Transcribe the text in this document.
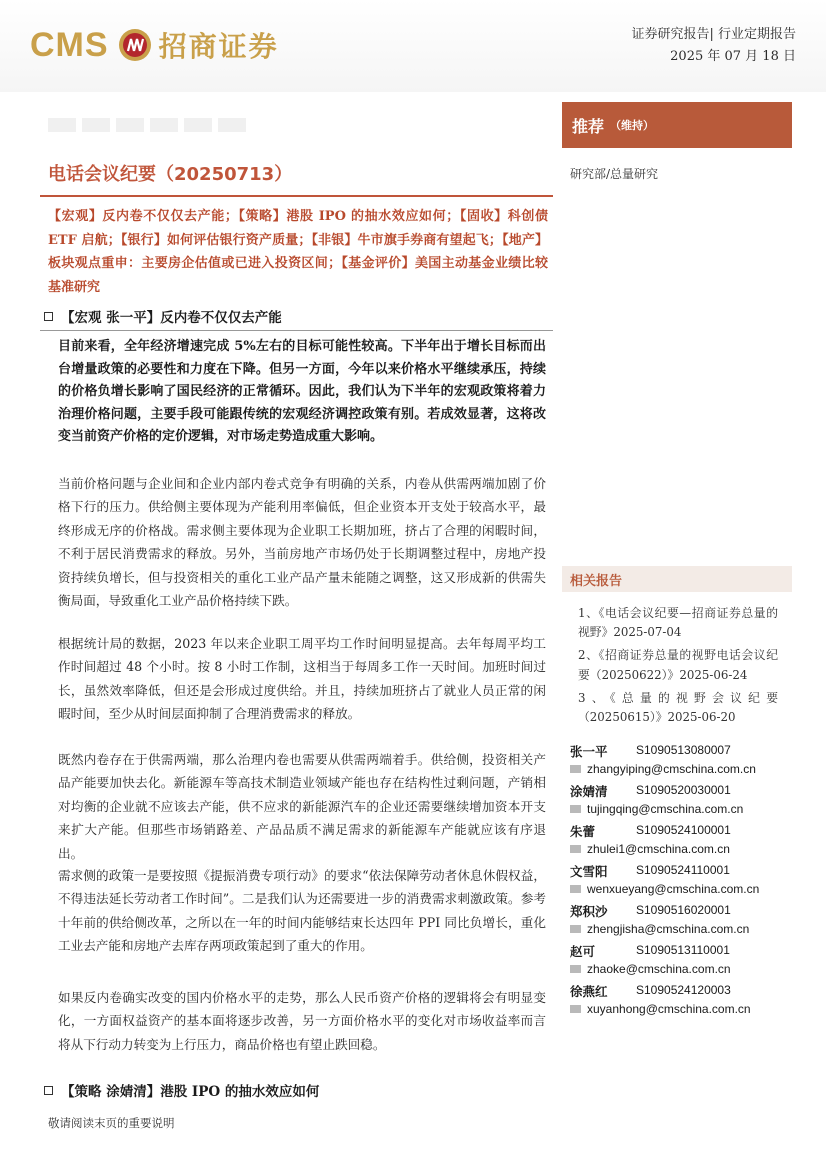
CMS 招商证券	证券研究报告| 行业定期报告
2025 年 07 月 18 日
电话会议纪要（20250713）
【宏观】反内卷不仅仅去产能；【策略】港股 IPO 的抽水效应如何；【固收】科创债 ETF 启航；【银行】如何评估银行资产质量；【非银】牛市旗手券商有望起飞；【地产】板块观点重申：主要房企估值或已进入投资区间；【基金评价】美国主动基金业绩比较基准研究
【宏观 张一平】反内卷不仅仅去产能
目前来看，全年经济增速完成 5%左右的目标可能性较高。下半年出于增长目标而出台增量政策的必要性和力度在下降。但另一方面，今年以来价格水平继续承压，持续的价格负增长影响了国民经济的正常循环。因此，我们认为下半年的宏观政策将着力治理价格问题，主要手段可能跟传统的宏观经济调控政策有别。若成效显著，这将改变当前资产价格的定价逻辑，对市场走势造成重大影响。
当前价格问题与企业间和企业内部内卷式竞争有明确的关系，内卷从供需两端加剧了价格下行的压力。供给侧主要体现为产能利用率偏低，但企业资本开支处于较高水平，最终形成无序的价格战。需求侧主要体现为企业职工长期加班，挤占了合理的闲暇时间，不利于居民消费需求的释放。另外，当前房地产市场仍处于长期调整过程中，房地产投资持续负增长，但与投资相关的重化工业产品产量未能随之调整，这又形成新的供需失衡局面，导致重化工业产品价格持续下跌。
根据统计局的数据，2023 年以来企业职工周平均工作时间明显提高。去年每周平均工作时间超过 48 个小时。按 8 小时工作制，这相当于每周多工作一天时间。加班时间过长，虽然效率降低，但还是会形成过度供给。并且，持续加班挤占了就业人员正常的闲暇时间，至少从时间层面抑制了合理消费需求的释放。
既然内卷存在于供需两端，那么治理内卷也需要从供需两端着手。供给侧，投资相关产品产能要加快去化。新能源车等高技术制造业领域产能也存在结构性过剩问题，产销相对均衡的企业就不应该去产能，供不应求的新能源汽车的企业还需要继续增加资本开支来扩大产能。但那些市场销路差、产品品质不满足需求的新能源车产能就应该有序退出。
需求侧的政策一是要按照《提振消费专项行动》的要求“依法保障劳动者休息休假权益，不得违法延长劳动者工作时间”。二是我们认为还需要进一步的消费需求刺激政策。参考十年前的供给侧改革，之所以在一年的时间内能够结束长达四年 PPI 同比负增长，重化工业去产能和房地产去库存两项政策起到了重大的作用。
如果反内卷确实改变的国内价格水平的走势，那么人民币资产价格的逻辑将会有明显变化，一方面权益资产的基本面将逐步改善，另一方面价格水平的变化对市场收益率而言将从下行动力转变为上行压力，商品价格也有望止跌回稳。
【策略 涂婧清】港股 IPO 的抽水效应如何
敬请阅读末页的重要说明
推荐 （维持）
研究部/总量研究
相关报告
1、《电话会议纪要—招商证券总量的视野》2025-07-04
2、《招商证券总量的视野电话会议纪要（20250622）》2025-06-24
3、《总量的视野会议纪要（20250615）》2025-06-20
张一平 S1090513080007
zhangyiping@cmschina.com.cn
涂婧清 S1090520030001
tujingqing@cmschina.com.cn
朱蕾	S1090524100001
zhulei1@cmschina.com.cn
文雪阳 S1090524110001
wenxueyang@cmschina.com.cn
郑积沙 S1090516020001
zhengjisha@cmschina.com.cn
赵可	S1090513110001
zhaoke@cmschina.com.cn
徐燕红 S1090524120003
xuyanhong@cmschina.com.cn
